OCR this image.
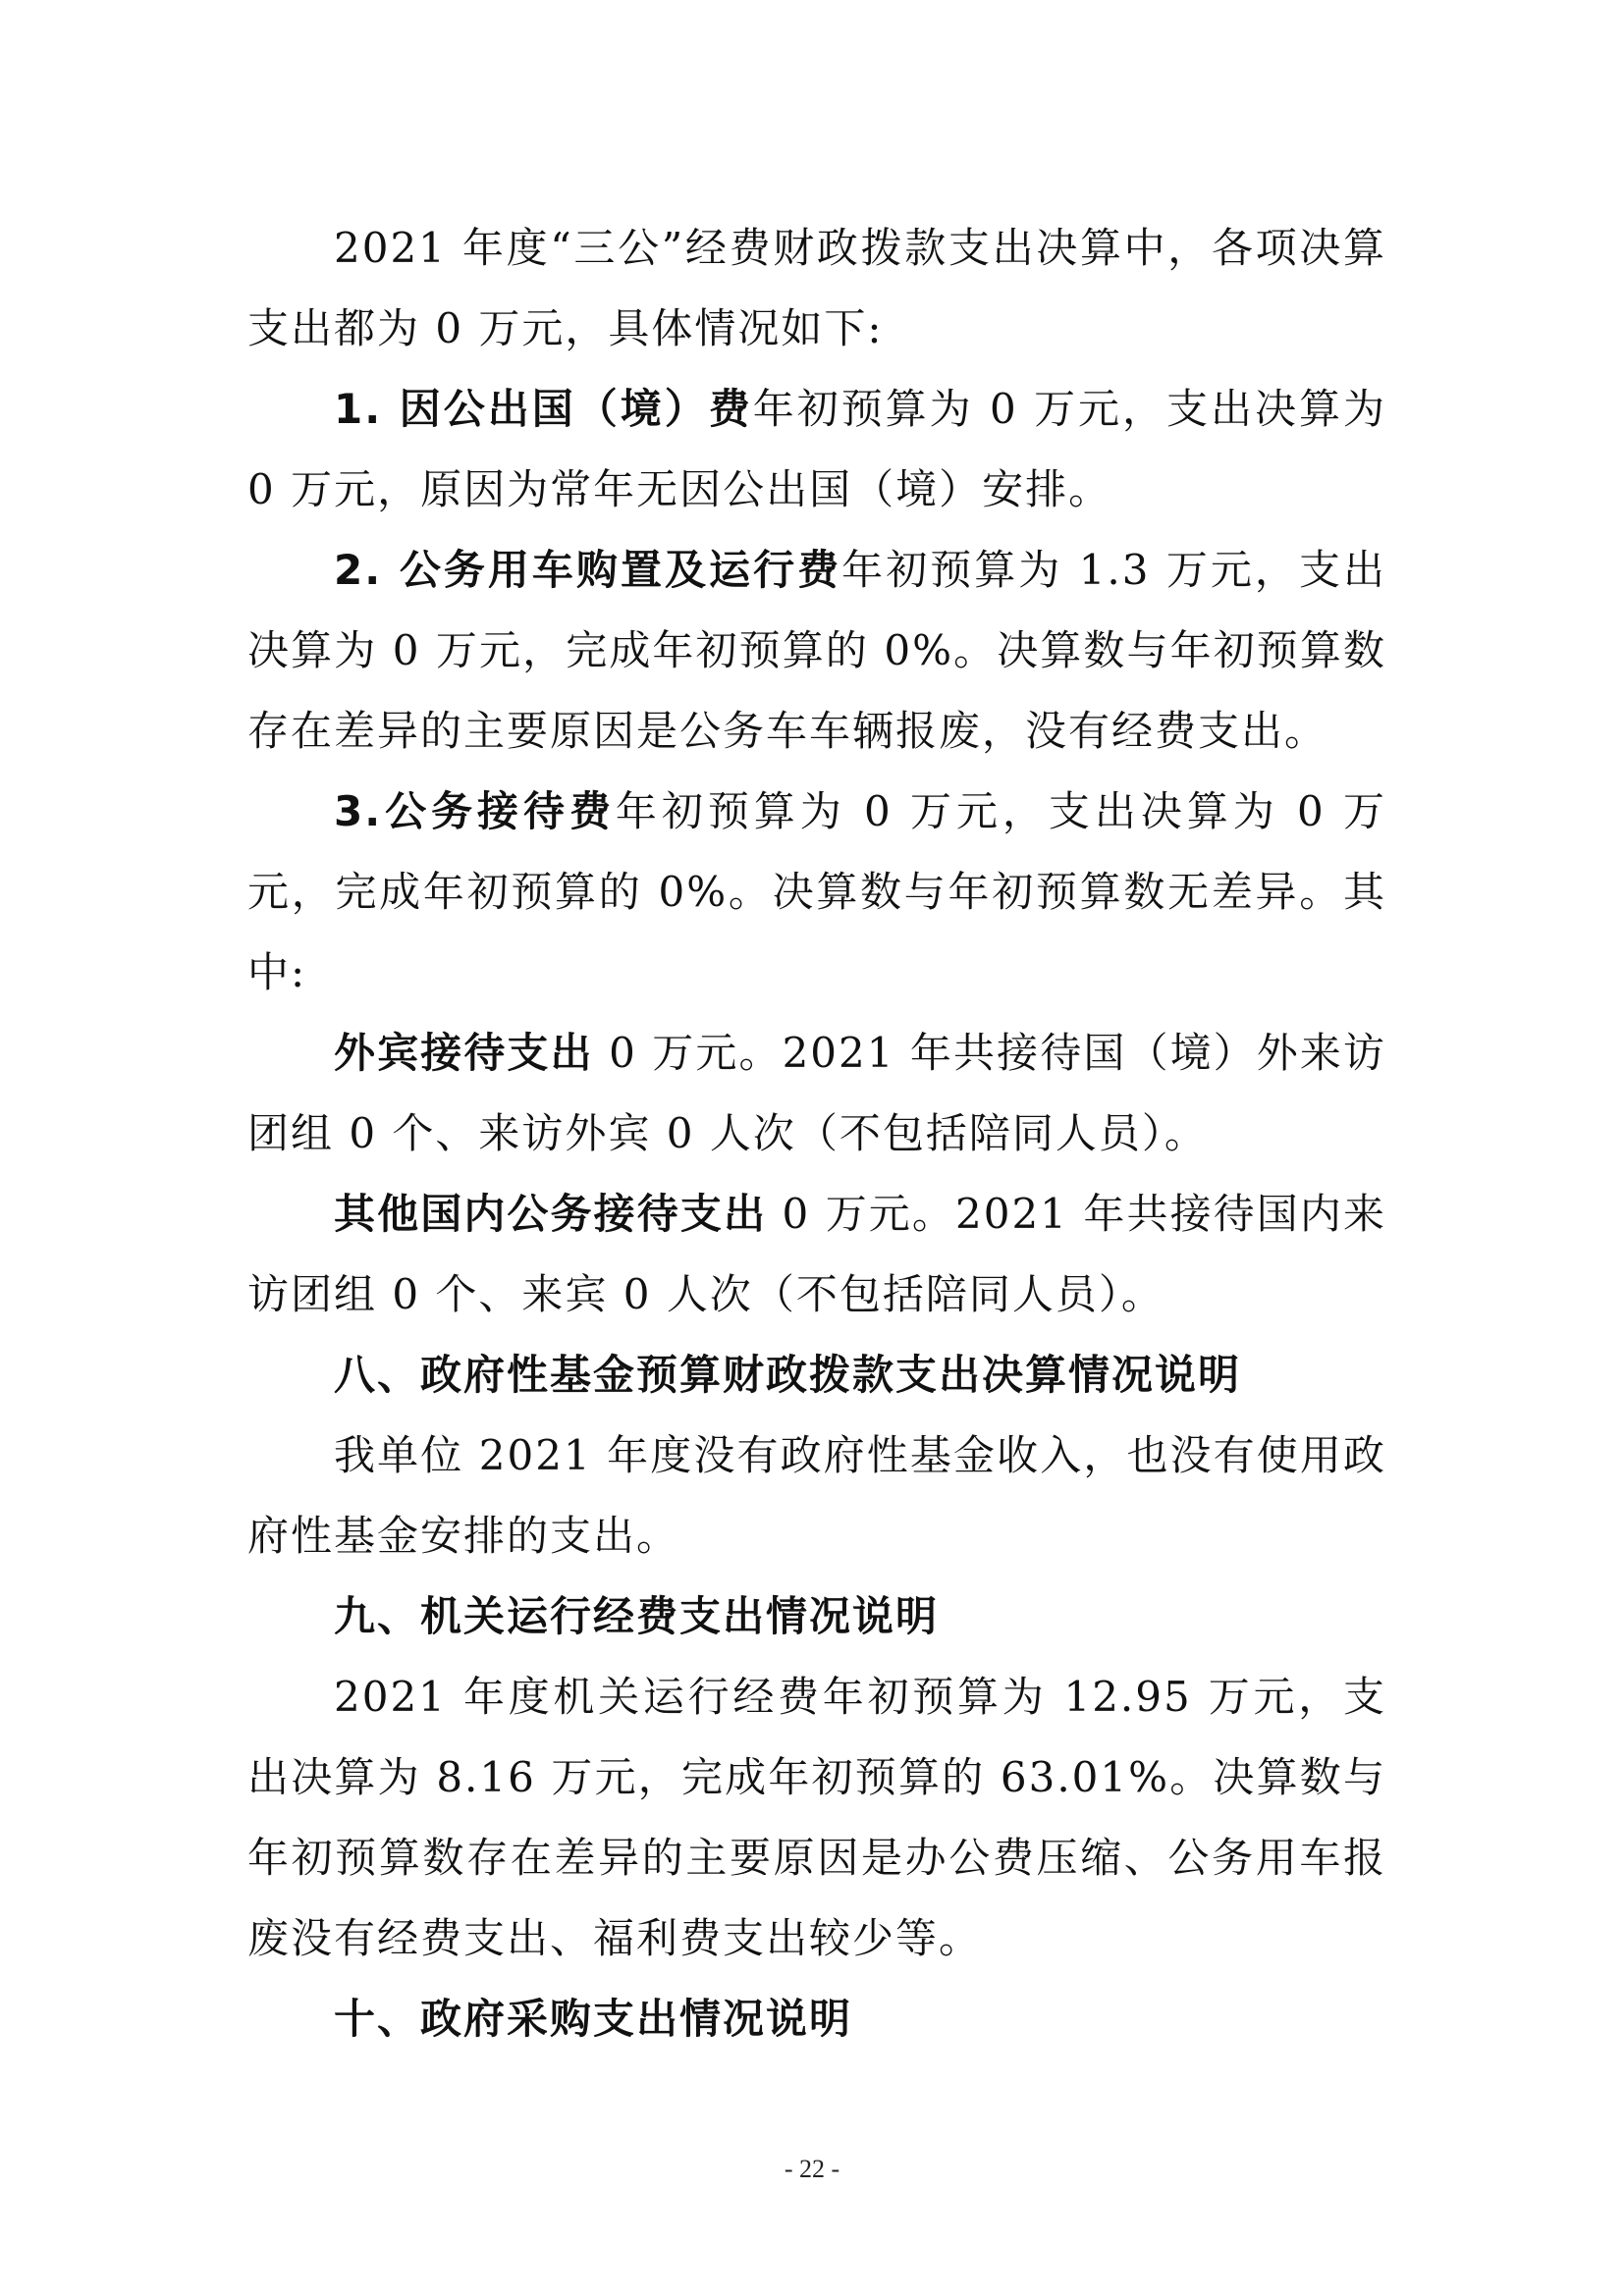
2021 年度“三公”经费财政拨款支出决算中，各项决算支出都为 0 万元，具体情况如下:

1. 因公出国（境）费年初预算为 0 万元，支出决算为 0 万元，原因为常年无因公出国（境）安排。

2. 公务用车购置及运行费年初预算为 1.3 万元，支出决算为 0 万元，完成年初预算的 0%。决算数与年初预算数存在差异的主要原因是公务车车辆报废，没有经费支出。

3.公务接待费年初预算为 0 万元，支出决算为 0 万元，完成年初预算的 0%。决算数与年初预算数无差异。其中:

外宾接待支出 0 万元。2021 年共接待国（境）外来访团组 0 个、来访外宾 0 人次（不包括陪同人员）。

其他国内公务接待支出 0 万元。2021 年共接待国内来访团组 0 个、来宾 0 人次（不包括陪同人员）。

八、政府性基金预算财政拨款支出决算情况说明

我单位 2021 年度没有政府性基金收入，也没有使用政府性基金安排的支出。

九、机关运行经费支出情况说明

2021 年度机关运行经费年初预算为 12.95 万元，支出决算为 8.16 万元，完成年初预算的 63.01%。决算数与年初预算数存在差异的主要原因是办公费压缩、公务用车报废没有经费支出、福利费支出较少等。

十、政府采购支出情况说明

- 22 -
